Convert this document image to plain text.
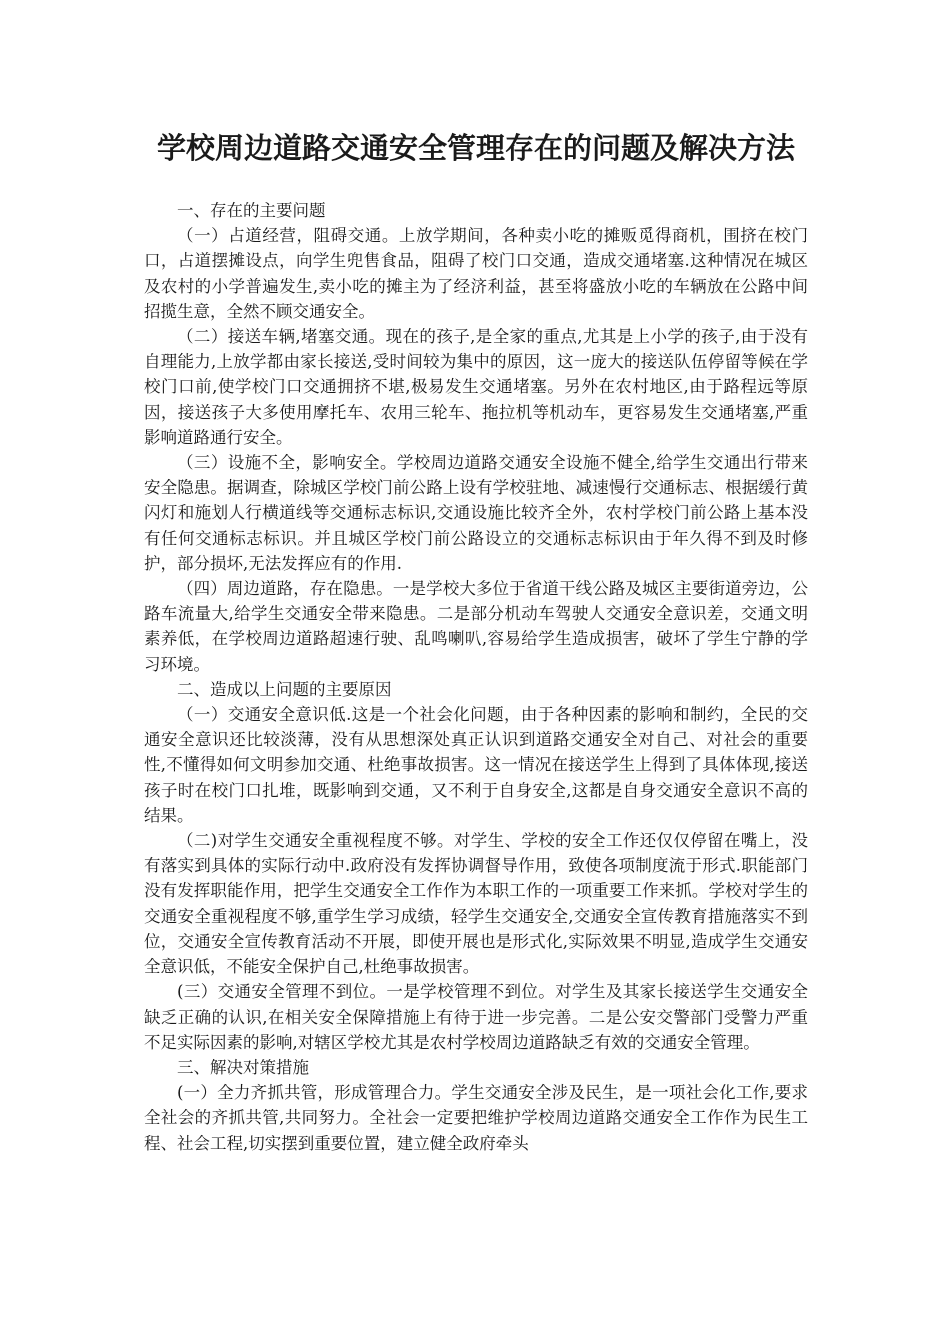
学校周边道路交通安全管理存在的问题及解决方法

一、存在的主要问题

（一）占道经营，阻碍交通。上放学期间，各种卖小吃的摊贩觅得商机，围挤在校门口，占道摆摊设点，向学生兜售食品，阻碍了校门口交通，造成交通堵塞.这种情况在城区及农村的小学普遍发生,卖小吃的摊主为了经济利益，甚至将盛放小吃的车辆放在公路中间招揽生意，全然不顾交通安全。

（二）接送车辆,堵塞交通。现在的孩子,是全家的重点,尤其是上小学的孩子,由于没有自理能力,上放学都由家长接送,受时间较为集中的原因，这一庞大的接送队伍停留等候在学校门口前,使学校门口交通拥挤不堪,极易发生交通堵塞。另外在农村地区,由于路程远等原因，接送孩子大多使用摩托车、农用三轮车、拖拉机等机动车，更容易发生交通堵塞,严重影响道路通行安全。

（三）设施不全，影响安全。学校周边道路交通安全设施不健全,给学生交通出行带来安全隐患。据调查，除城区学校门前公路上设有学校驻地、减速慢行交通标志、根据缓行黄闪灯和施划人行横道线等交通标志标识,交通设施比较齐全外，农村学校门前公路上基本没有任何交通标志标识。并且城区学校门前公路设立的交通标志标识由于年久得不到及时修护，部分损坏,无法发挥应有的作用.

（四）周边道路，存在隐患。一是学校大多位于省道干线公路及城区主要街道旁边，公路车流量大,给学生交通安全带来隐患。二是部分机动车驾驶人交通安全意识差，交通文明素养低，在学校周边道路超速行驶、乱鸣喇叭,容易给学生造成损害，破坏了学生宁静的学习环境。

二、造成以上问题的主要原因

（一）交通安全意识低.这是一个社会化问题，由于各种因素的影响和制约，全民的交通安全意识还比较淡薄，没有从思想深处真正认识到道路交通安全对自己、对社会的重要性,不懂得如何文明参加交通、杜绝事故损害。这一情况在接送学生上得到了具体体现,接送孩子时在校门口扎堆，既影响到交通，又不利于自身安全,这都是自身交通安全意识不高的结果。

（二)对学生交通安全重视程度不够。对学生、学校的安全工作还仅仅停留在嘴上，没有落实到具体的实际行动中.政府没有发挥协调督导作用，致使各项制度流于形式.职能部门没有发挥职能作用，把学生交通安全工作作为本职工作的一项重要工作来抓。学校对学生的交通安全重视程度不够,重学生学习成绩，轻学生交通安全,交通安全宣传教育措施落实不到位，交通安全宣传教育活动不开展，即使开展也是形式化,实际效果不明显,造成学生交通安全意识低，不能安全保护自己,杜绝事故损害。

(三）交通安全管理不到位。一是学校管理不到位。对学生及其家长接送学生交通安全缺乏正确的认识,在相关安全保障措施上有待于进一步完善。二是公安交警部门受警力严重不足实际因素的影响,对辖区学校尤其是农村学校周边道路缺乏有效的交通安全管理。

三、解决对策措施

(一）全力齐抓共管，形成管理合力。学生交通安全涉及民生，是一项社会化工作,要求全社会的齐抓共管,共同努力。全社会一定要把维护学校周边道路交通安全工作作为民生工程、社会工程,切实摆到重要位置，建立健全政府牵头
